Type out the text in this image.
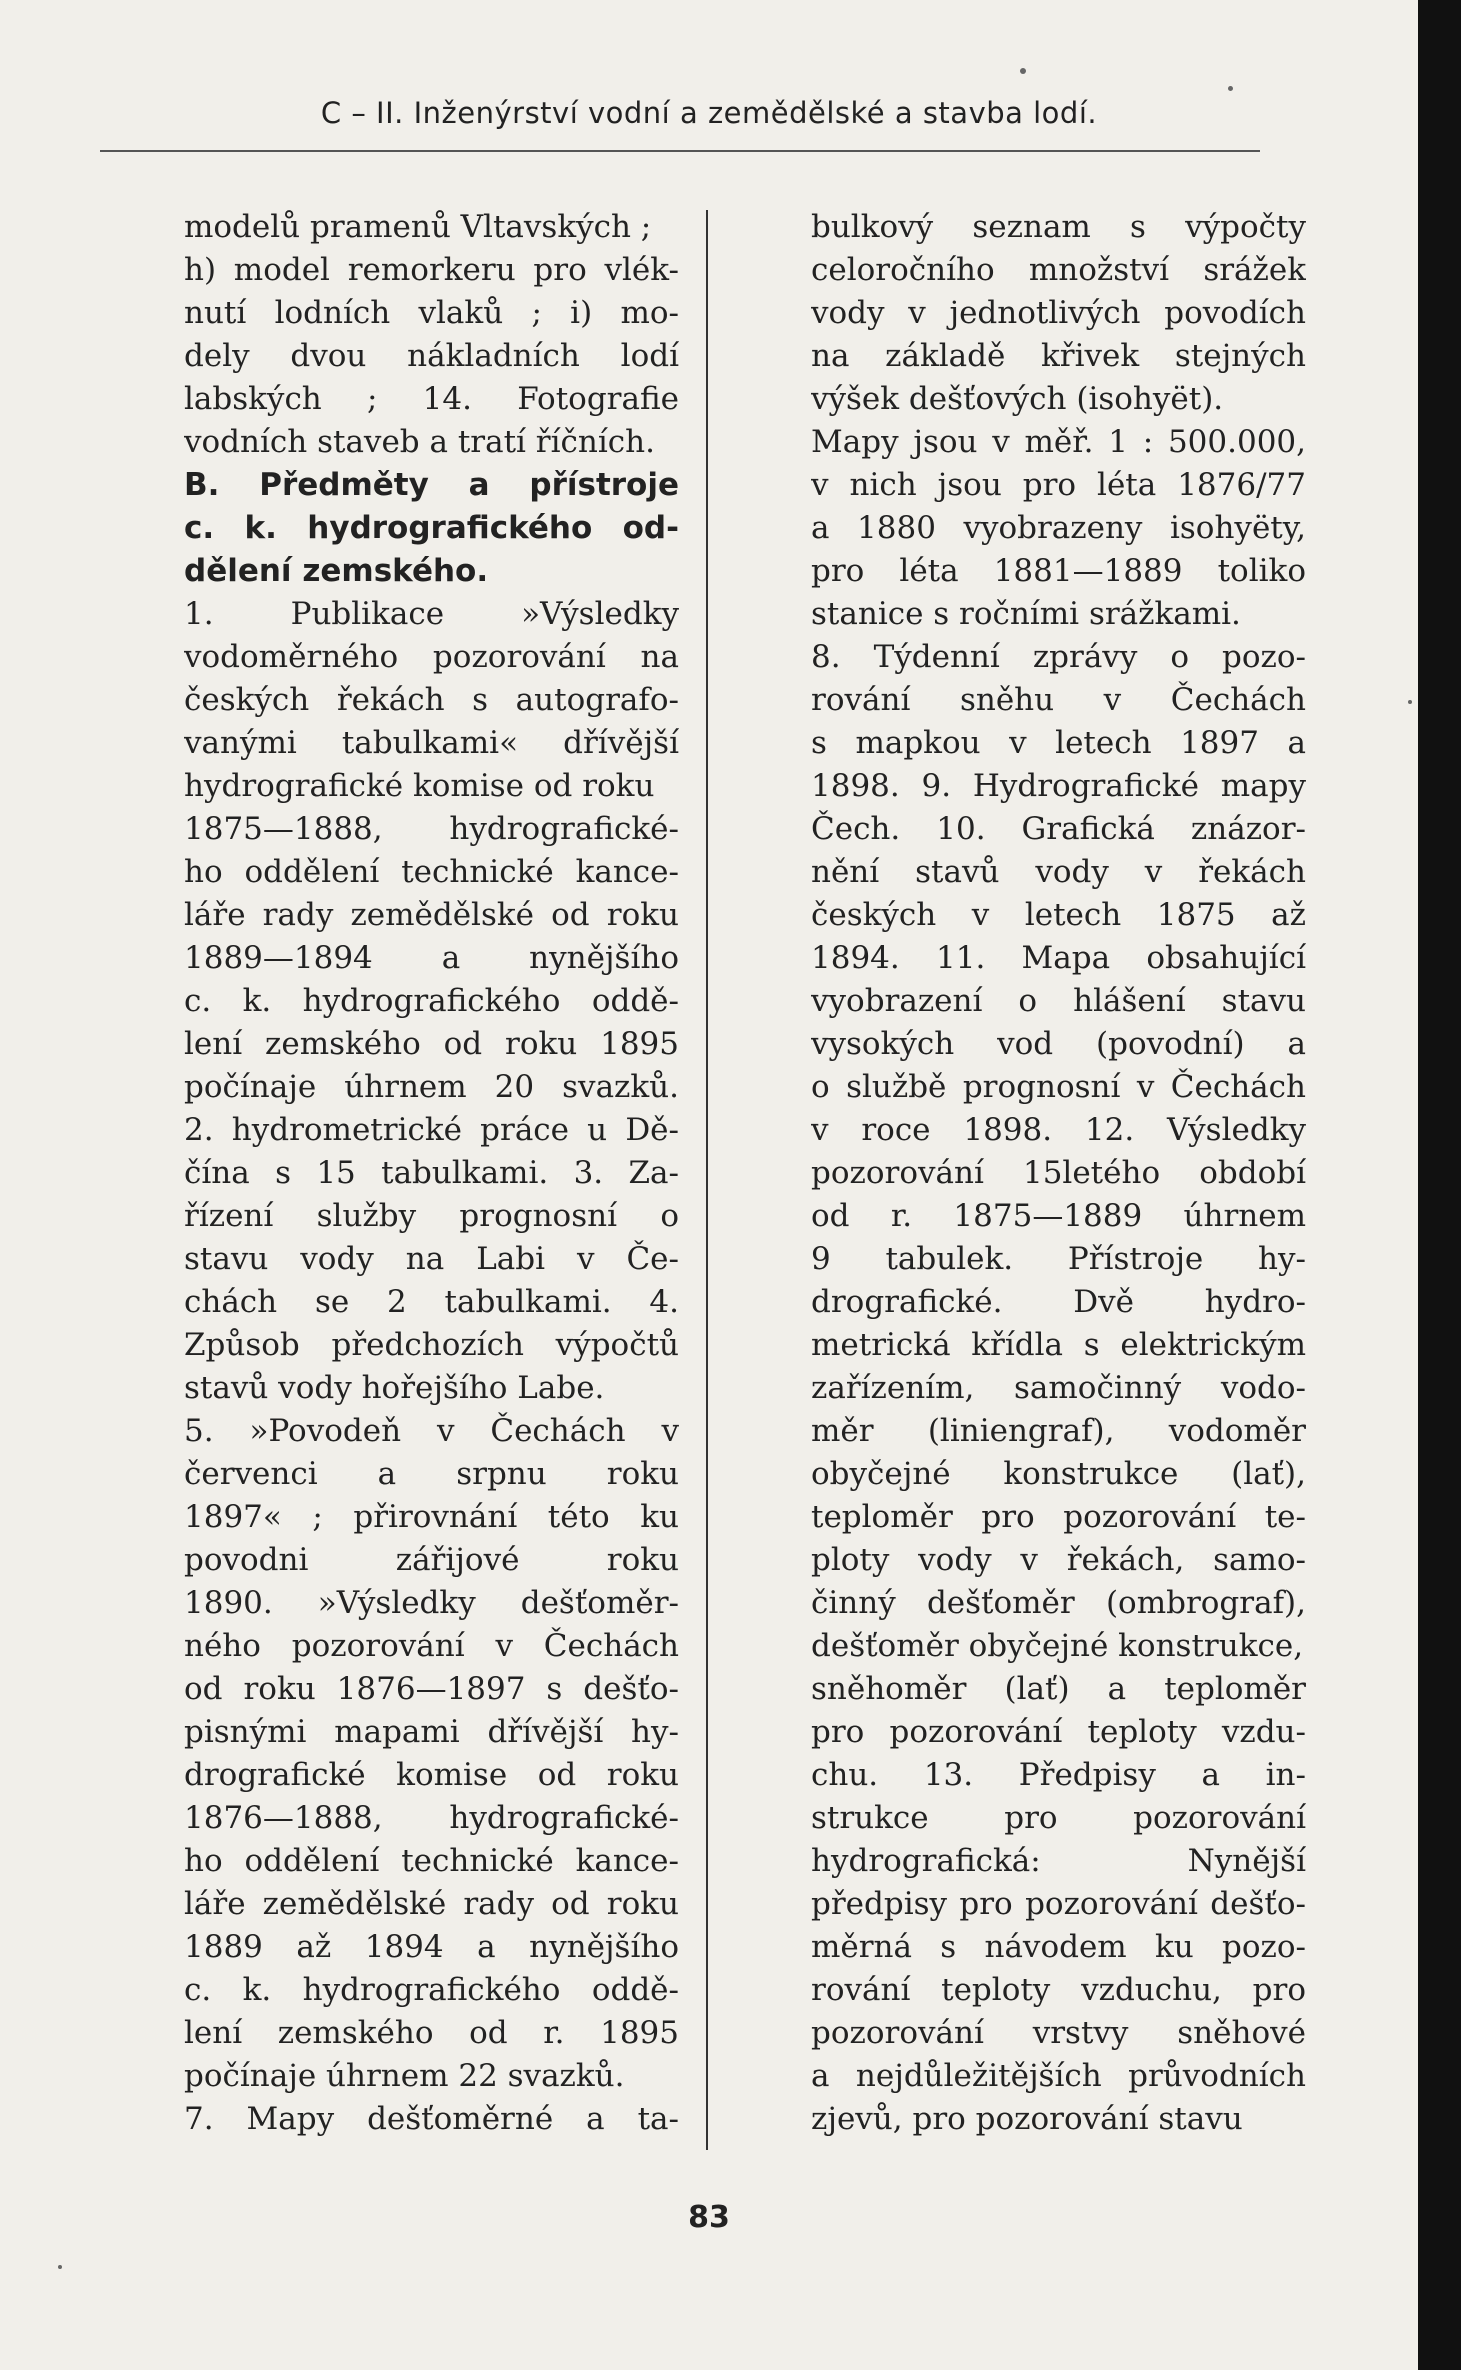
C – II. Inženýrství vodní a zemědělské a stavba lodí.
modelů pramenů Vltavských ;
h) model remorkeru pro vlék-
nutí lodních vlaků ; i) mo-
dely dvou nákladních lodí
labských ; 14. Fotografie
vodních staveb a tratí říčních.
B. Předměty a přístroje
c. k. hydrografického od-
dělení zemského.
1. Publikace »Výsledky
vodoměrného pozorování na
českých řekách s autografo-
vanými tabulkami« dřívější
hydrografické komise od roku
1875—1888, hydrografické-
ho oddělení technické kance-
láře rady zemědělské od roku
1889—1894 a nynějšího
c. k. hydrografického oddě-
lení zemského od roku 1895
počínaje úhrnem 20 svazků.
2. hydrometrické práce u Dě-
čína s 15 tabulkami. 3. Za-
řízení služby prognosní o
stavu vody na Labi v Če-
chách se 2 tabulkami. 4.
Způsob předchozích výpočtů
stavů vody hořejšího Labe.
5. »Povodeň v Čechách v
červenci a srpnu roku
1897« ; přirovnání této ku
povodni zářijové roku
1890. »Výsledky dešťoměr-
ného pozorování v Čechách
od roku 1876—1897 s dešťo-
pisnými mapami dřívější hy-
drografické komise od roku
1876—1888, hydrografické-
ho oddělení technické kance-
láře zemědělské rady od roku
1889 až 1894 a nynějšího
c. k. hydrografického oddě-
lení zemského od r. 1895
počínaje úhrnem 22 svazků.
7. Mapy dešťoměrné a ta-
bulkový seznam s výpočty
celoročního množství srážek
vody v jednotlivých povodích
na základě křivek stejných
výšek dešťových (isohyët).
Mapy jsou v měř. 1 : 500.000,
v nich jsou pro léta 1876/77
a 1880 vyobrazeny isohyëty,
pro léta 1881—1889 toliko
stanice s ročními srážkami.
8. Týdenní zprávy o pozo-
rování sněhu v Čechách
s mapkou v letech 1897 a
1898. 9. Hydrografické mapy
Čech. 10. Grafická znázor-
nění stavů vody v řekách
českých v letech 1875 až
1894. 11. Mapa obsahující
vyobrazení o hlášení stavu
vysokých vod (povodní) a
o službě prognosní v Čechách
v roce 1898. 12. Výsledky
pozorování 15letého období
od r. 1875—1889 úhrnem
9 tabulek. Přístroje hy-
drografické. Dvě hydro-
metrická křídla s elektrickým
zařízením, samočinný vodo-
měr (liniengraf), vodoměr
obyčejné konstrukce (lať),
teploměr pro pozorování te-
ploty vody v řekách, samo-
činný dešťoměr (ombrograf),
dešťoměr obyčejné konstrukce,
sněhoměr (lať) a teploměr
pro pozorování teploty vzdu-
chu. 13. Předpisy a in-
strukce pro pozorování
hydrografická: Nynější
předpisy pro pozorování dešťo-
měrná s návodem ku pozo-
rování teploty vzduchu, pro
pozorování vrstvy sněhové
a nejdůležitějších průvodních
zjevů, pro pozorování stavu
83
